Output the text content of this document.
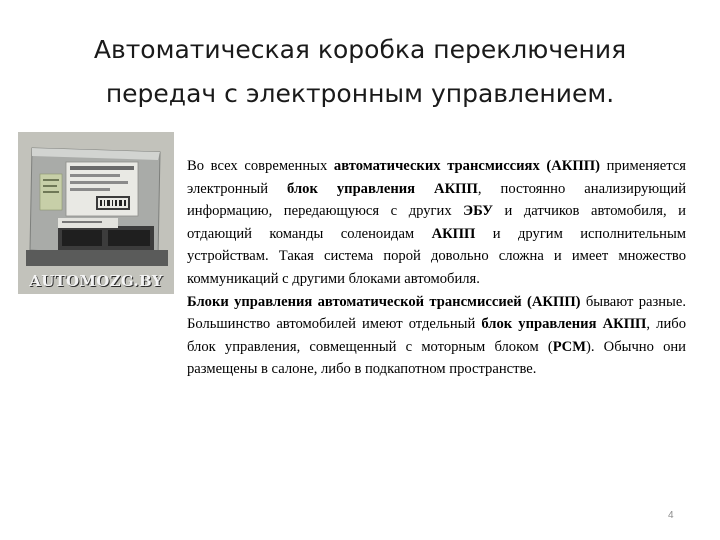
Автоматическая коробка переключения
передач с электронным управлением.
AUTOMOZG.BY

Во всех современных автоматических трансмиссиях (АКПП) применяется электронный блок управления АКПП, постоянно анализирующий информацию, передающуюся с других ЭБУ и датчиков автомобиля, и отдающий команды соленоидам АКПП и другим исполнительным устройствам. Такая система порой довольно сложна и имеет множество коммуникаций с другими блоками автомобиля.

Блоки управления автоматической трансмиссией (АКПП) бывают разные. Большинство автомобилей имеют отдельный блок управления АКПП, либо блок управления, совмещенный с моторным блоком (PCM). Обычно они размещены в салоне, либо в подкапотном пространстве.

4
